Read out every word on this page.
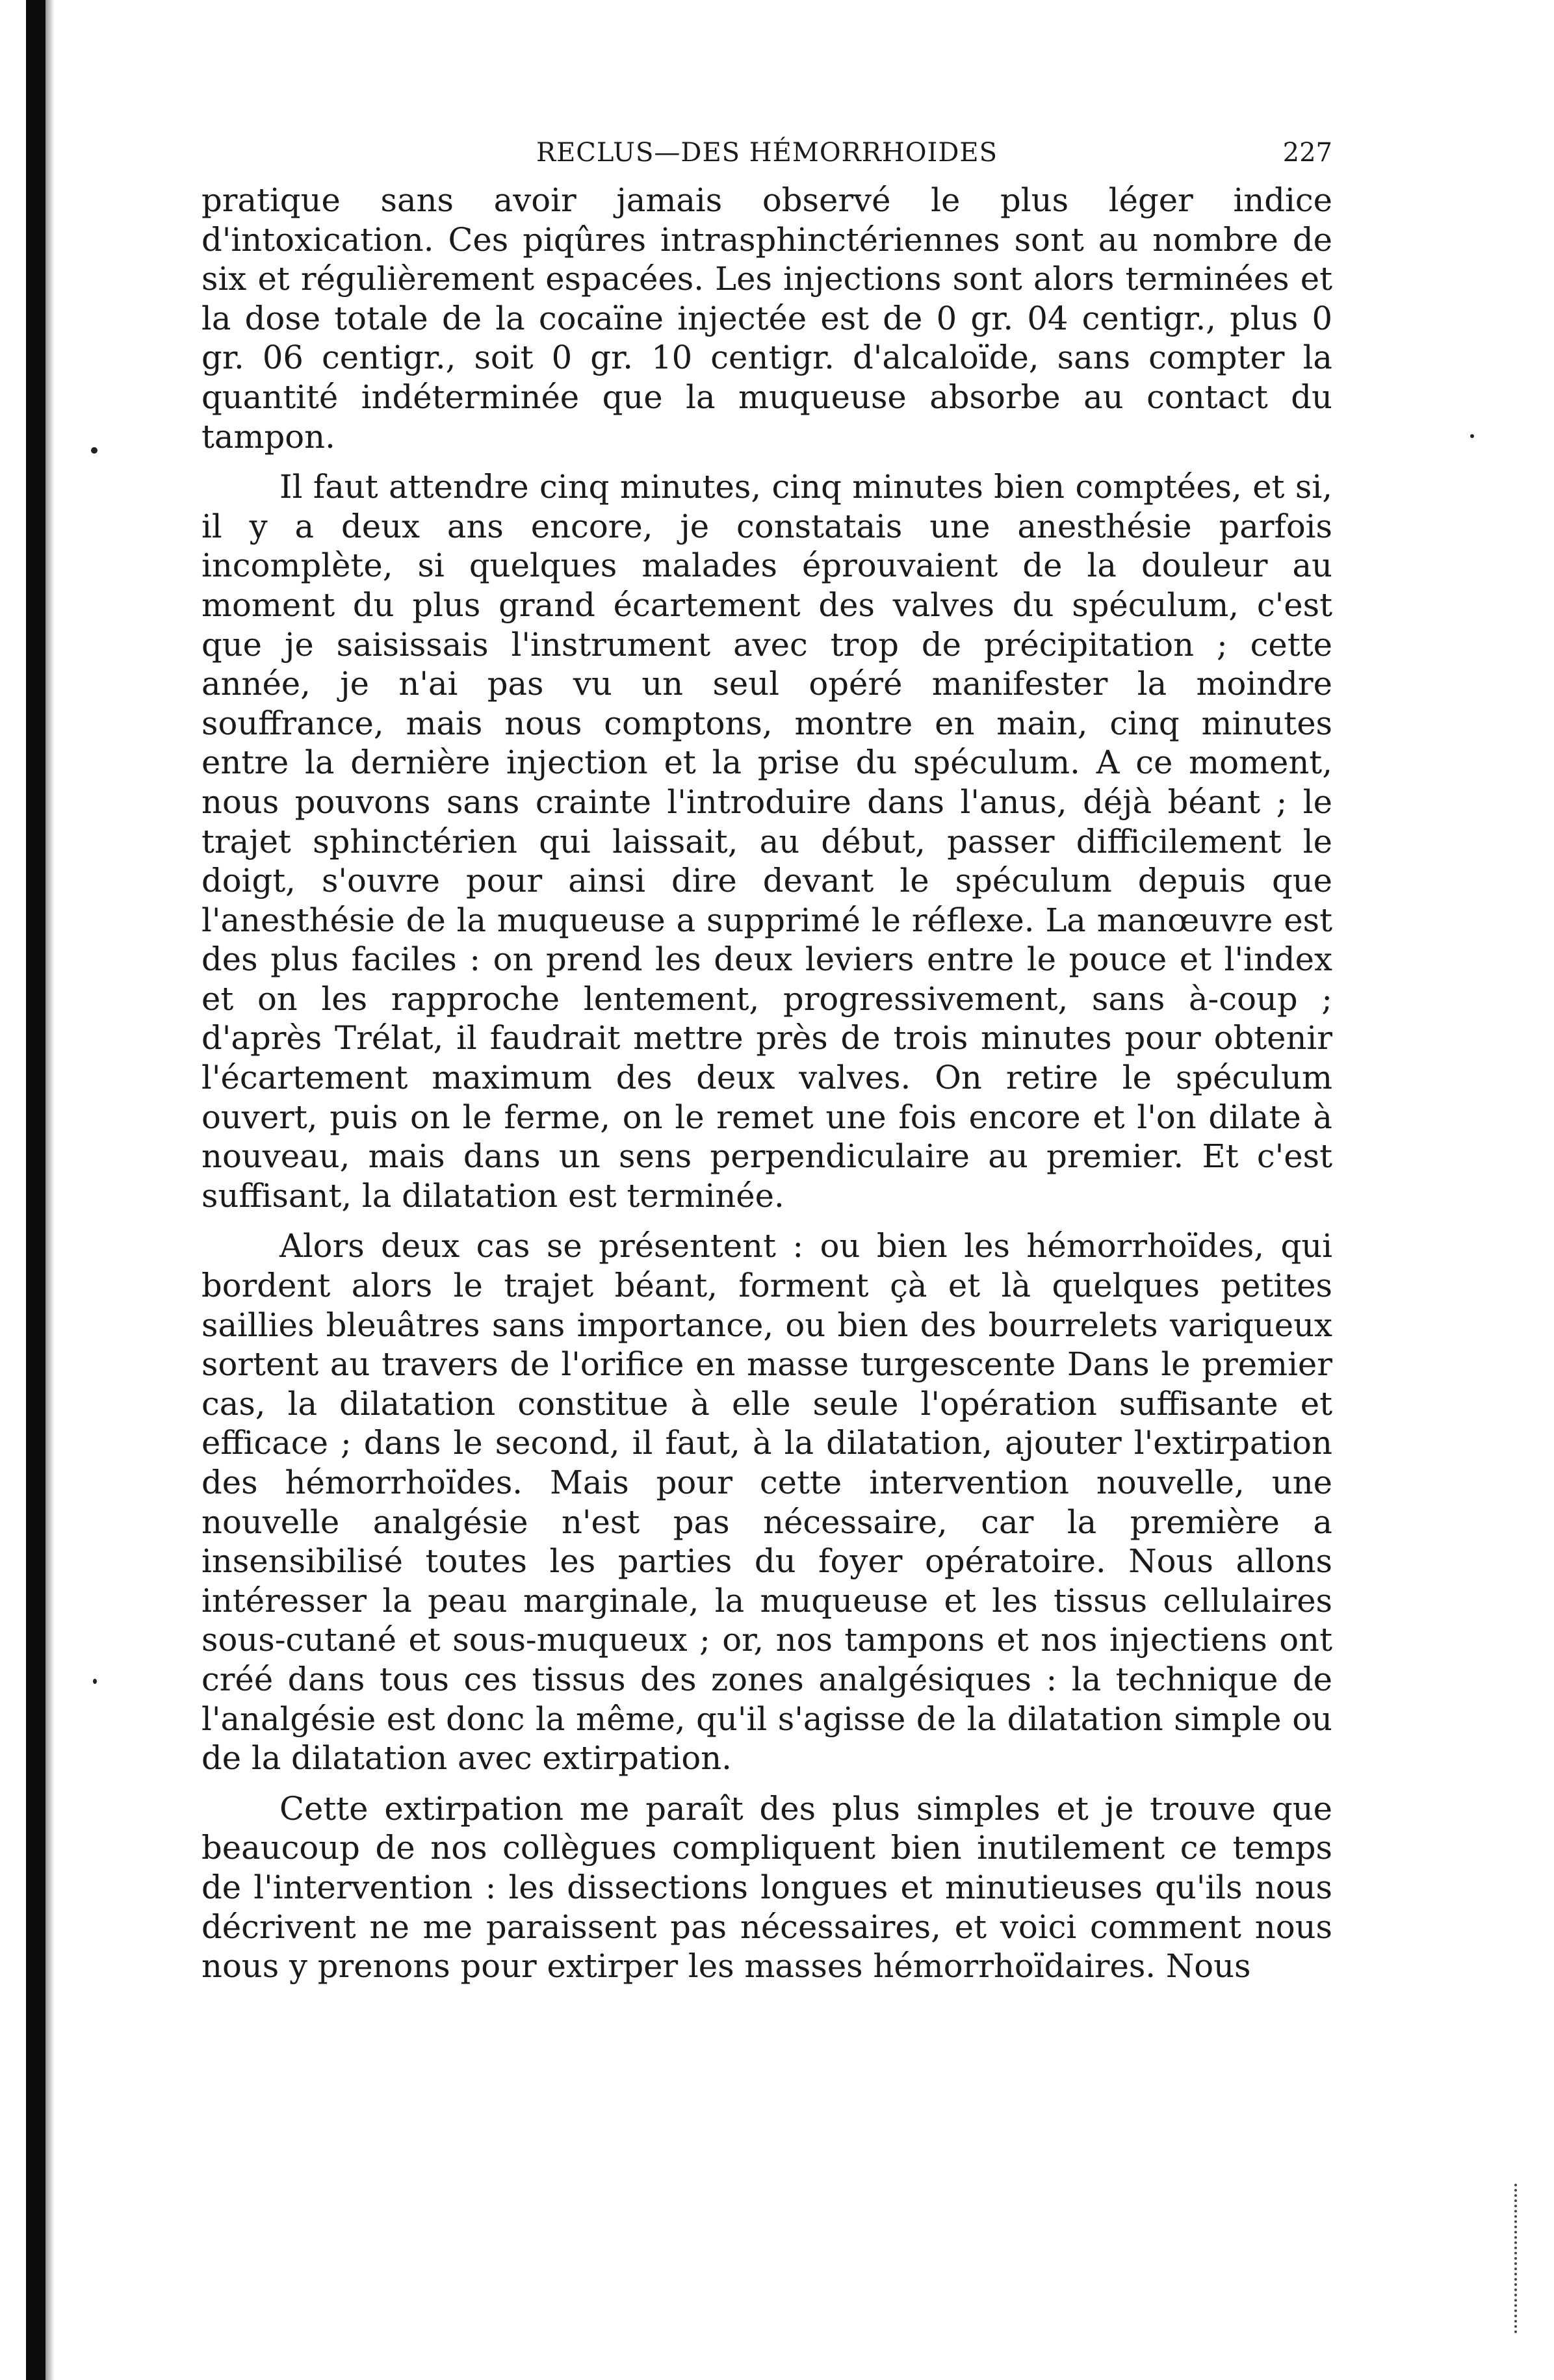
RECLUS—DES HÉMORRHOIDES	227

pratique sans avoir jamais observé le plus léger indice d'intoxication. Ces piqûres intrasphinctériennes sont au nombre de six et régulièrement espacées. Les injections sont alors terminées et la dose totale de la cocaïne injectée est de 0 gr. 04 centigr., plus 0 gr. 06 centigr., soit 0 gr. 10 centigr. d'alcaloïde, sans compter la quantité indéterminée que la muqueuse absorbe au contact du tampon.

Il faut attendre cinq minutes, cinq minutes bien comptées, et si, il y a deux ans encore, je constatais une anesthésie parfois incomplète, si quelques malades éprouvaient de la douleur au moment du plus grand écartement des valves du spéculum, c'est que je saisissais l'instrument avec trop de précipitation ; cette année, je n'ai pas vu un seul opéré manifester la moindre souffrance, mais nous comptons, montre en main, cinq minutes entre la dernière injection et la prise du spéculum. A ce moment, nous pouvons sans crainte l'introduire dans l'anus, déjà béant ; le trajet sphinctérien qui laissait, au début, passer difficilement le doigt, s'ouvre pour ainsi dire devant le spéculum depuis que l'anesthésie de la muqueuse a supprimé le réflexe. La manœuvre est des plus faciles : on prend les deux leviers entre le pouce et l'index et on les rapproche lentement, progressivement, sans à-coup ; d'après Trélat, il faudrait mettre près de trois minutes pour obtenir l'écartement maximum des deux valves. On retire le spéculum ouvert, puis on le ferme, on le remet une fois encore et l'on dilate à nouveau, mais dans un sens perpendiculaire au premier. Et c'est suffisant, la dilatation est terminée.

Alors deux cas se présentent : ou bien les hémorrhoïdes, qui bordent alors le trajet béant, forment çà et là quelques petites saillies bleuâtres sans importance, ou bien des bourrelets variqueux sortent au travers de l'orifice en masse turgescente Dans le premier cas, la dilatation constitue à elle seule l'opération suffisante et efficace ; dans le second, il faut, à la dilatation, ajouter l'extirpation des hémorrhoïdes. Mais pour cette intervention nouvelle, une nouvelle analgésie n'est pas nécessaire, car la première a insensibilisé toutes les parties du foyer opératoire. Nous allons intéresser la peau marginale, la muqueuse et les tissus cellulaires sous-cutané et sous-muqueux ; or, nos tampons et nos injectiens ont créé dans tous ces tissus des zones analgésiques : la technique de l'analgésie est donc la même, qu'il s'agisse de la dilatation simple ou de la dilatation avec extirpation.

Cette extirpation me paraît des plus simples et je trouve que beaucoup de nos collègues compliquent bien inutilement ce temps de l'intervention : les dissections longues et minutieuses qu'ils nous décrivent ne me paraissent pas nécessaires, et voici comment nous nous y prenons pour extirper les masses hémorrhoïdaires. Nous
